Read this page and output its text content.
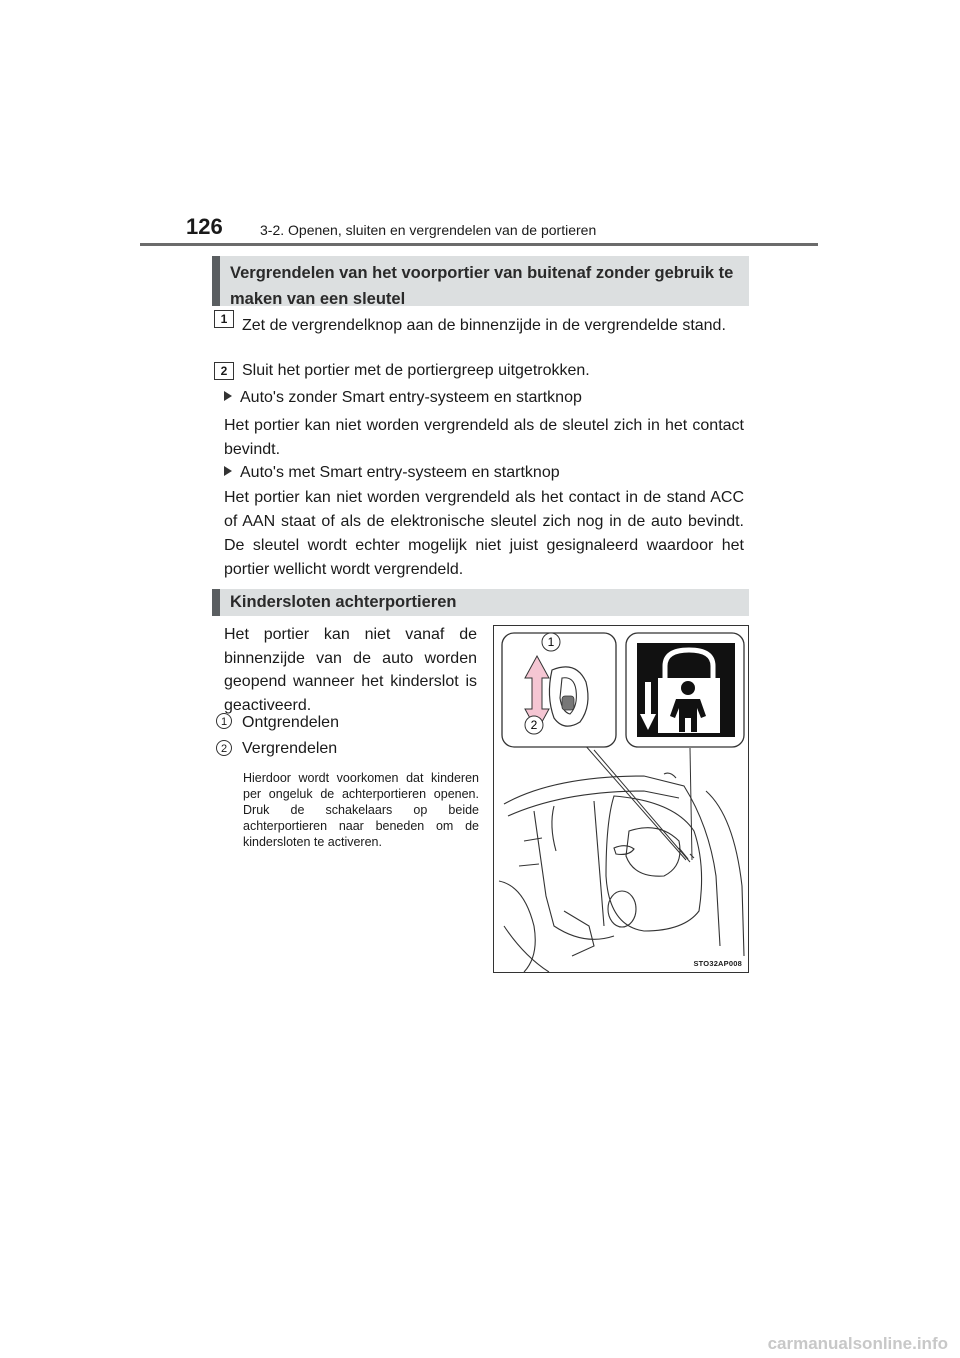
126	3-2. Openen, sluiten en vergrendelen van de portieren
Vergrendelen van het voorportier van buitenaf zonder gebruik te maken van een sleutel
1 Zet de vergrendelknop aan de binnenzijde in de vergrendelde stand.
2 Sluit het portier met de portiergreep uitgetrokken.
Auto's zonder Smart entry-systeem en startknop
Het portier kan niet worden vergrendeld als de sleutel zich in het contact bevindt.
Auto's met Smart entry-systeem en startknop
Het portier kan niet worden vergrendeld als het contact in de stand ACC of AAN staat of als de elektronische sleutel zich nog in de auto bevindt. De sleutel wordt echter mogelijk niet juist gesignaleerd waardoor het portier wellicht wordt vergrendeld.
Kindersloten achterportieren
Het portier kan niet vanaf de binnenzijde van de auto worden geopend wanneer het kinderslot is geactiveerd.
1 Ontgrendelen
2 Vergrendelen
Hierdoor wordt voorkomen dat kinderen per ongeluk de achterportieren openen. Druk de schakelaars op beide achterportieren naar beneden om de kindersloten te activeren.
1
2
STO32AP008
carmanualsonline.info
